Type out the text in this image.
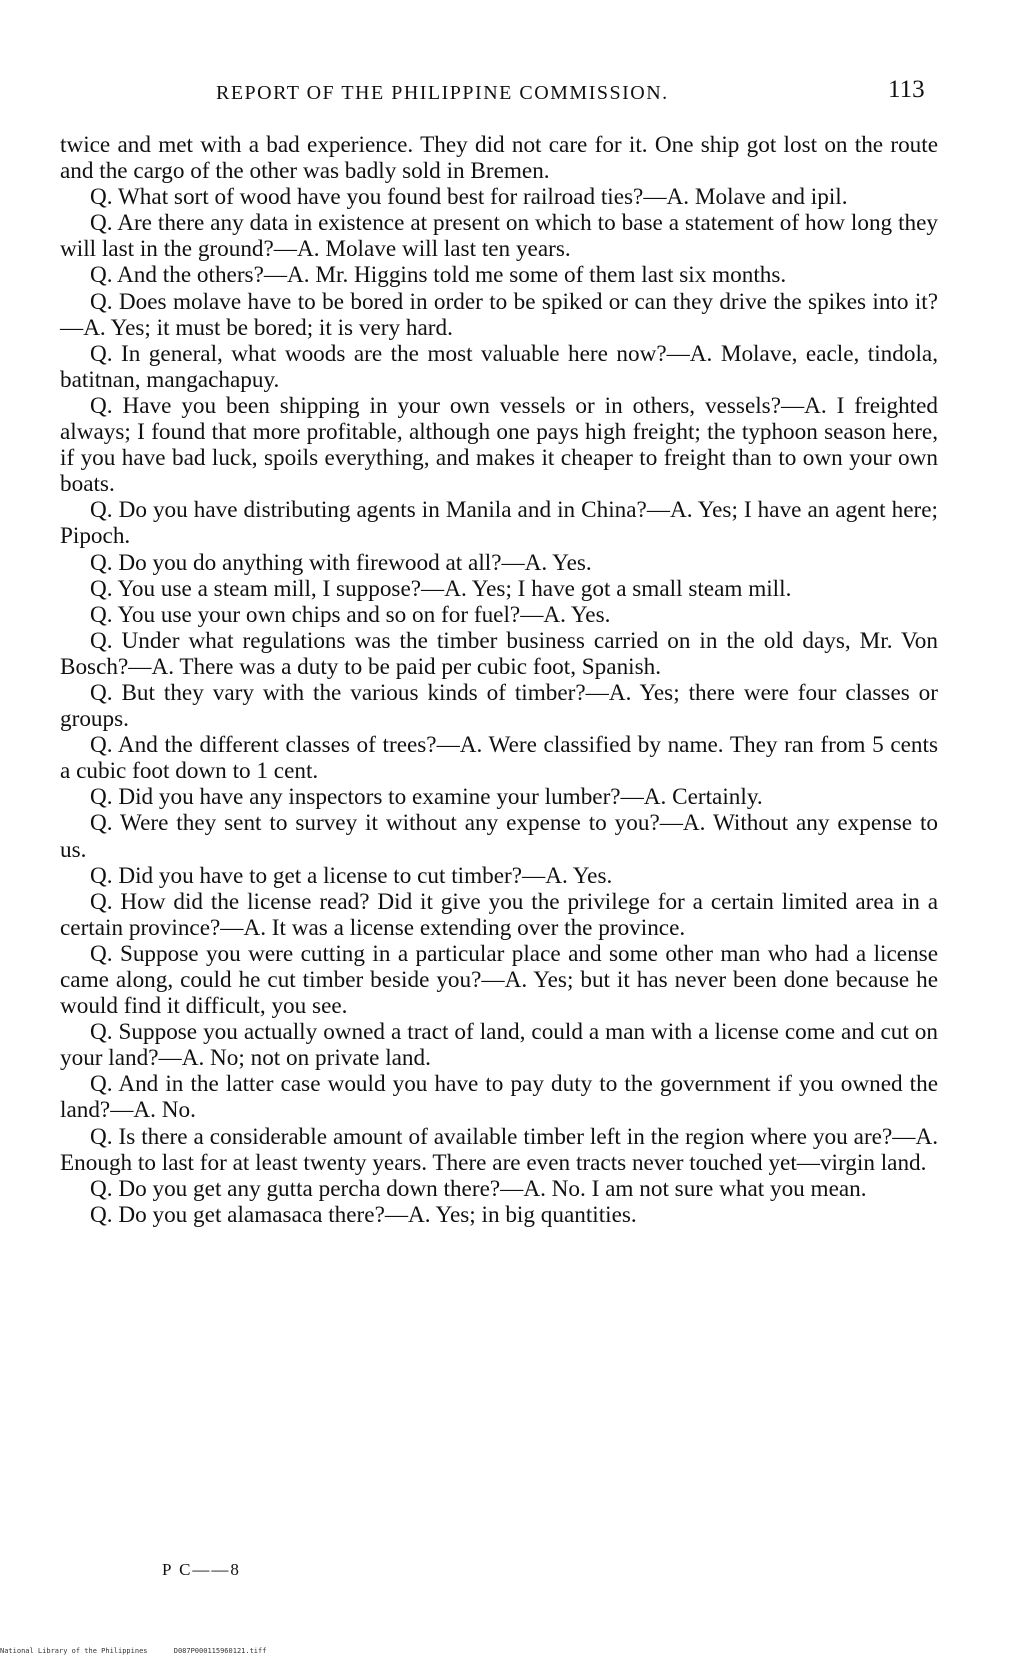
REPORT OF THE PHILIPPINE COMMISSION.	113

twice and met with a bad experience. They did not care for it. One ship got lost on the route and the cargo of the other was badly sold in Bremen.

Q. What sort of wood have you found best for railroad ties?—A. Molave and ipil.

Q. Are there any data in existence at present on which to base a statement of how long they will last in the ground?—A. Molave will last ten years.

Q. And the others?—A. Mr. Higgins told me some of them last six months.

Q. Does molave have to be bored in order to be spiked or can they drive the spikes into it?—A. Yes; it must be bored; it is very hard.

Q. In general, what woods are the most valuable here now?—A. Molave, eacle, tindola, batitnan, mangachapuy.

Q. Have you been shipping in your own vessels or in others, vessels?—A. I freighted always; I found that more profitable, although one pays high freight; the typhoon season here, if you have bad luck, spoils everything, and makes it cheaper to freight than to own your own boats.

Q. Do you have distributing agents in Manila and in China?—A. Yes; I have an agent here; Pipoch.

Q. Do you do anything with firewood at all?—A. Yes.

Q. You use a steam mill, I suppose?—A. Yes; I have got a small steam mill.

Q. You use your own chips and so on for fuel?—A. Yes.

Q. Under what regulations was the timber business carried on in the old days, Mr. Von Bosch?—A. There was a duty to be paid per cubic foot, Spanish.

Q. But they vary with the various kinds of timber?—A. Yes; there were four classes or groups.

Q. And the different classes of trees?—A. Were classified by name. They ran from 5 cents a cubic foot down to 1 cent.

Q. Did you have any inspectors to examine your lumber?—A. Certainly.

Q. Were they sent to survey it without any expense to you?—A. Without any expense to us.

Q. Did you have to get a license to cut timber?—A. Yes.

Q. How did the license read? Did it give you the privilege for a certain limited area in a certain province?—A. It was a license extending over the province.

Q. Suppose you were cutting in a particular place and some other man who had a license came along, could he cut timber beside you?—A. Yes; but it has never been done because he would find it difficult, you see.

Q. Suppose you actually owned a tract of land, could a man with a license come and cut on your land?—A. No; not on private land.

Q. And in the latter case would you have to pay duty to the government if you owned the land?—A. No.

Q. Is there a considerable amount of available timber left in the region where you are?—A. Enough to last for at least twenty years. There are even tracts never touched yet—virgin land.

Q. Do you get any gutta percha down there?—A. No. I am not sure what you mean.

Q. Do you get alamasaca there?—A. Yes; in big quantities.

P C——8
National Library of the Philippines	D087P000115960121.tiff
